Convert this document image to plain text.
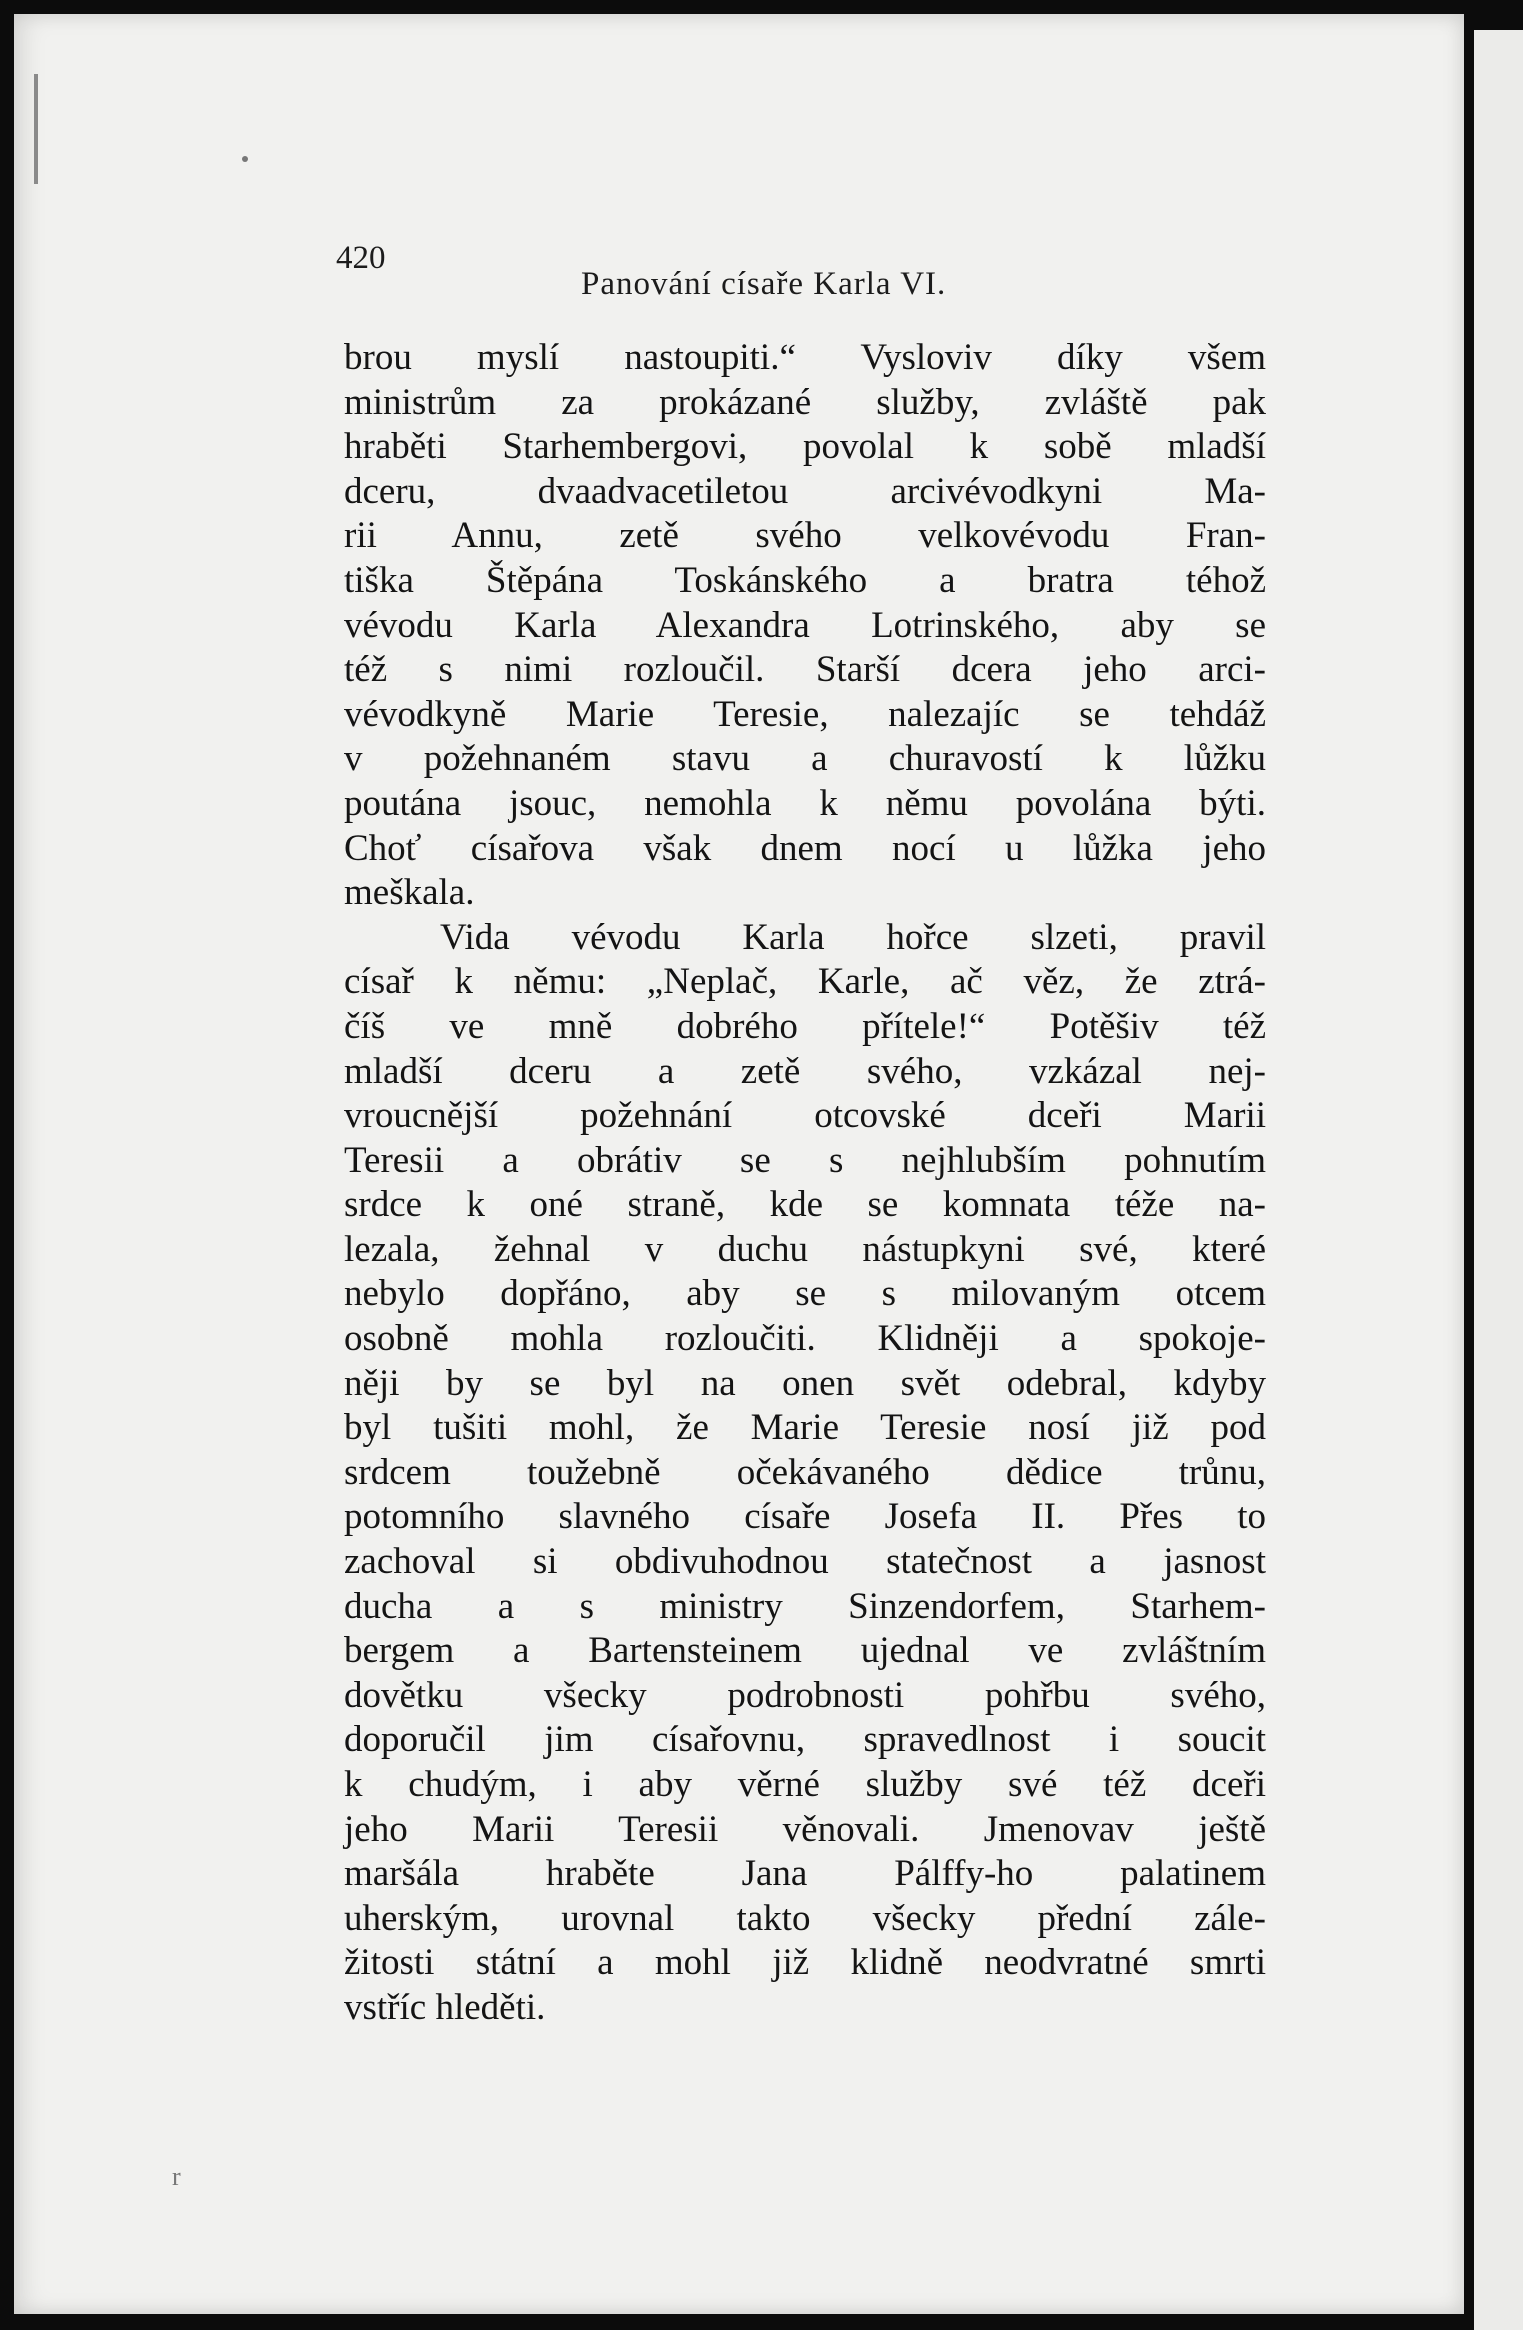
r
420
Panování císaře Karla VI.
brou myslí nastoupiti.“ Vysloviv díky všem
ministrům za prokázané služby, zvláště pak
hraběti Starhembergovi, povolal k sobě mladší
dceru, dvaadvacetiletou arcivévodkyni Ma-
rii Annu, zetě svého velkovévodu Fran-
tiška Štěpána Toskánského a bratra téhož
vévodu Karla Alexandra Lotrinského, aby se
též s nimi rozloučil. Starší dcera jeho arci-
vévodkyně Marie Teresie, nalezajíc se tehdáž
v požehnaném stavu a churavostí k lůžku
poutána jsouc, nemohla k němu povolána býti.
Choť císařova však dnem nocí u lůžka jeho
meškala.
Vida vévodu Karla hořce slzeti, pravil
císař k němu: „Neplač, Karle, ač věz, že ztrá-
číš ve mně dobrého přítele!“ Potěšiv též
mladší dceru a zetě svého, vzkázal nej-
vroucnější požehnání otcovské dceři Marii
Teresii a obrátiv se s nejhlubším pohnutím
srdce k oné straně, kde se komnata téže na-
lezala, žehnal v duchu nástupkyni své, které
nebylo dopřáno, aby se s milovaným otcem
osobně mohla rozloučiti. Klidněji a spokoje-
něji by se byl na onen svět odebral, kdyby
byl tušiti mohl, že Marie Teresie nosí již pod
srdcem toužebně očekávaného dědice trůnu,
potomního slavného císaře Josefa II. Přes to
zachoval si obdivuhodnou statečnost a jasnost
ducha a s ministry Sinzendorfem, Starhem-
bergem a Bartensteinem ujednal ve zvláštním
dovětku všecky podrobnosti pohřbu svého,
doporučil jim císařovnu, spravedlnost i soucit
k chudým, i aby věrné služby své též dceři
jeho Marii Teresii věnovali. Jmenovav ještě
maršála hraběte Jana Pálffy-ho palatinem
uherským, urovnal takto všecky přední zále-
žitosti státní a mohl již klidně neodvratné smrti
vstříc hleděti.
